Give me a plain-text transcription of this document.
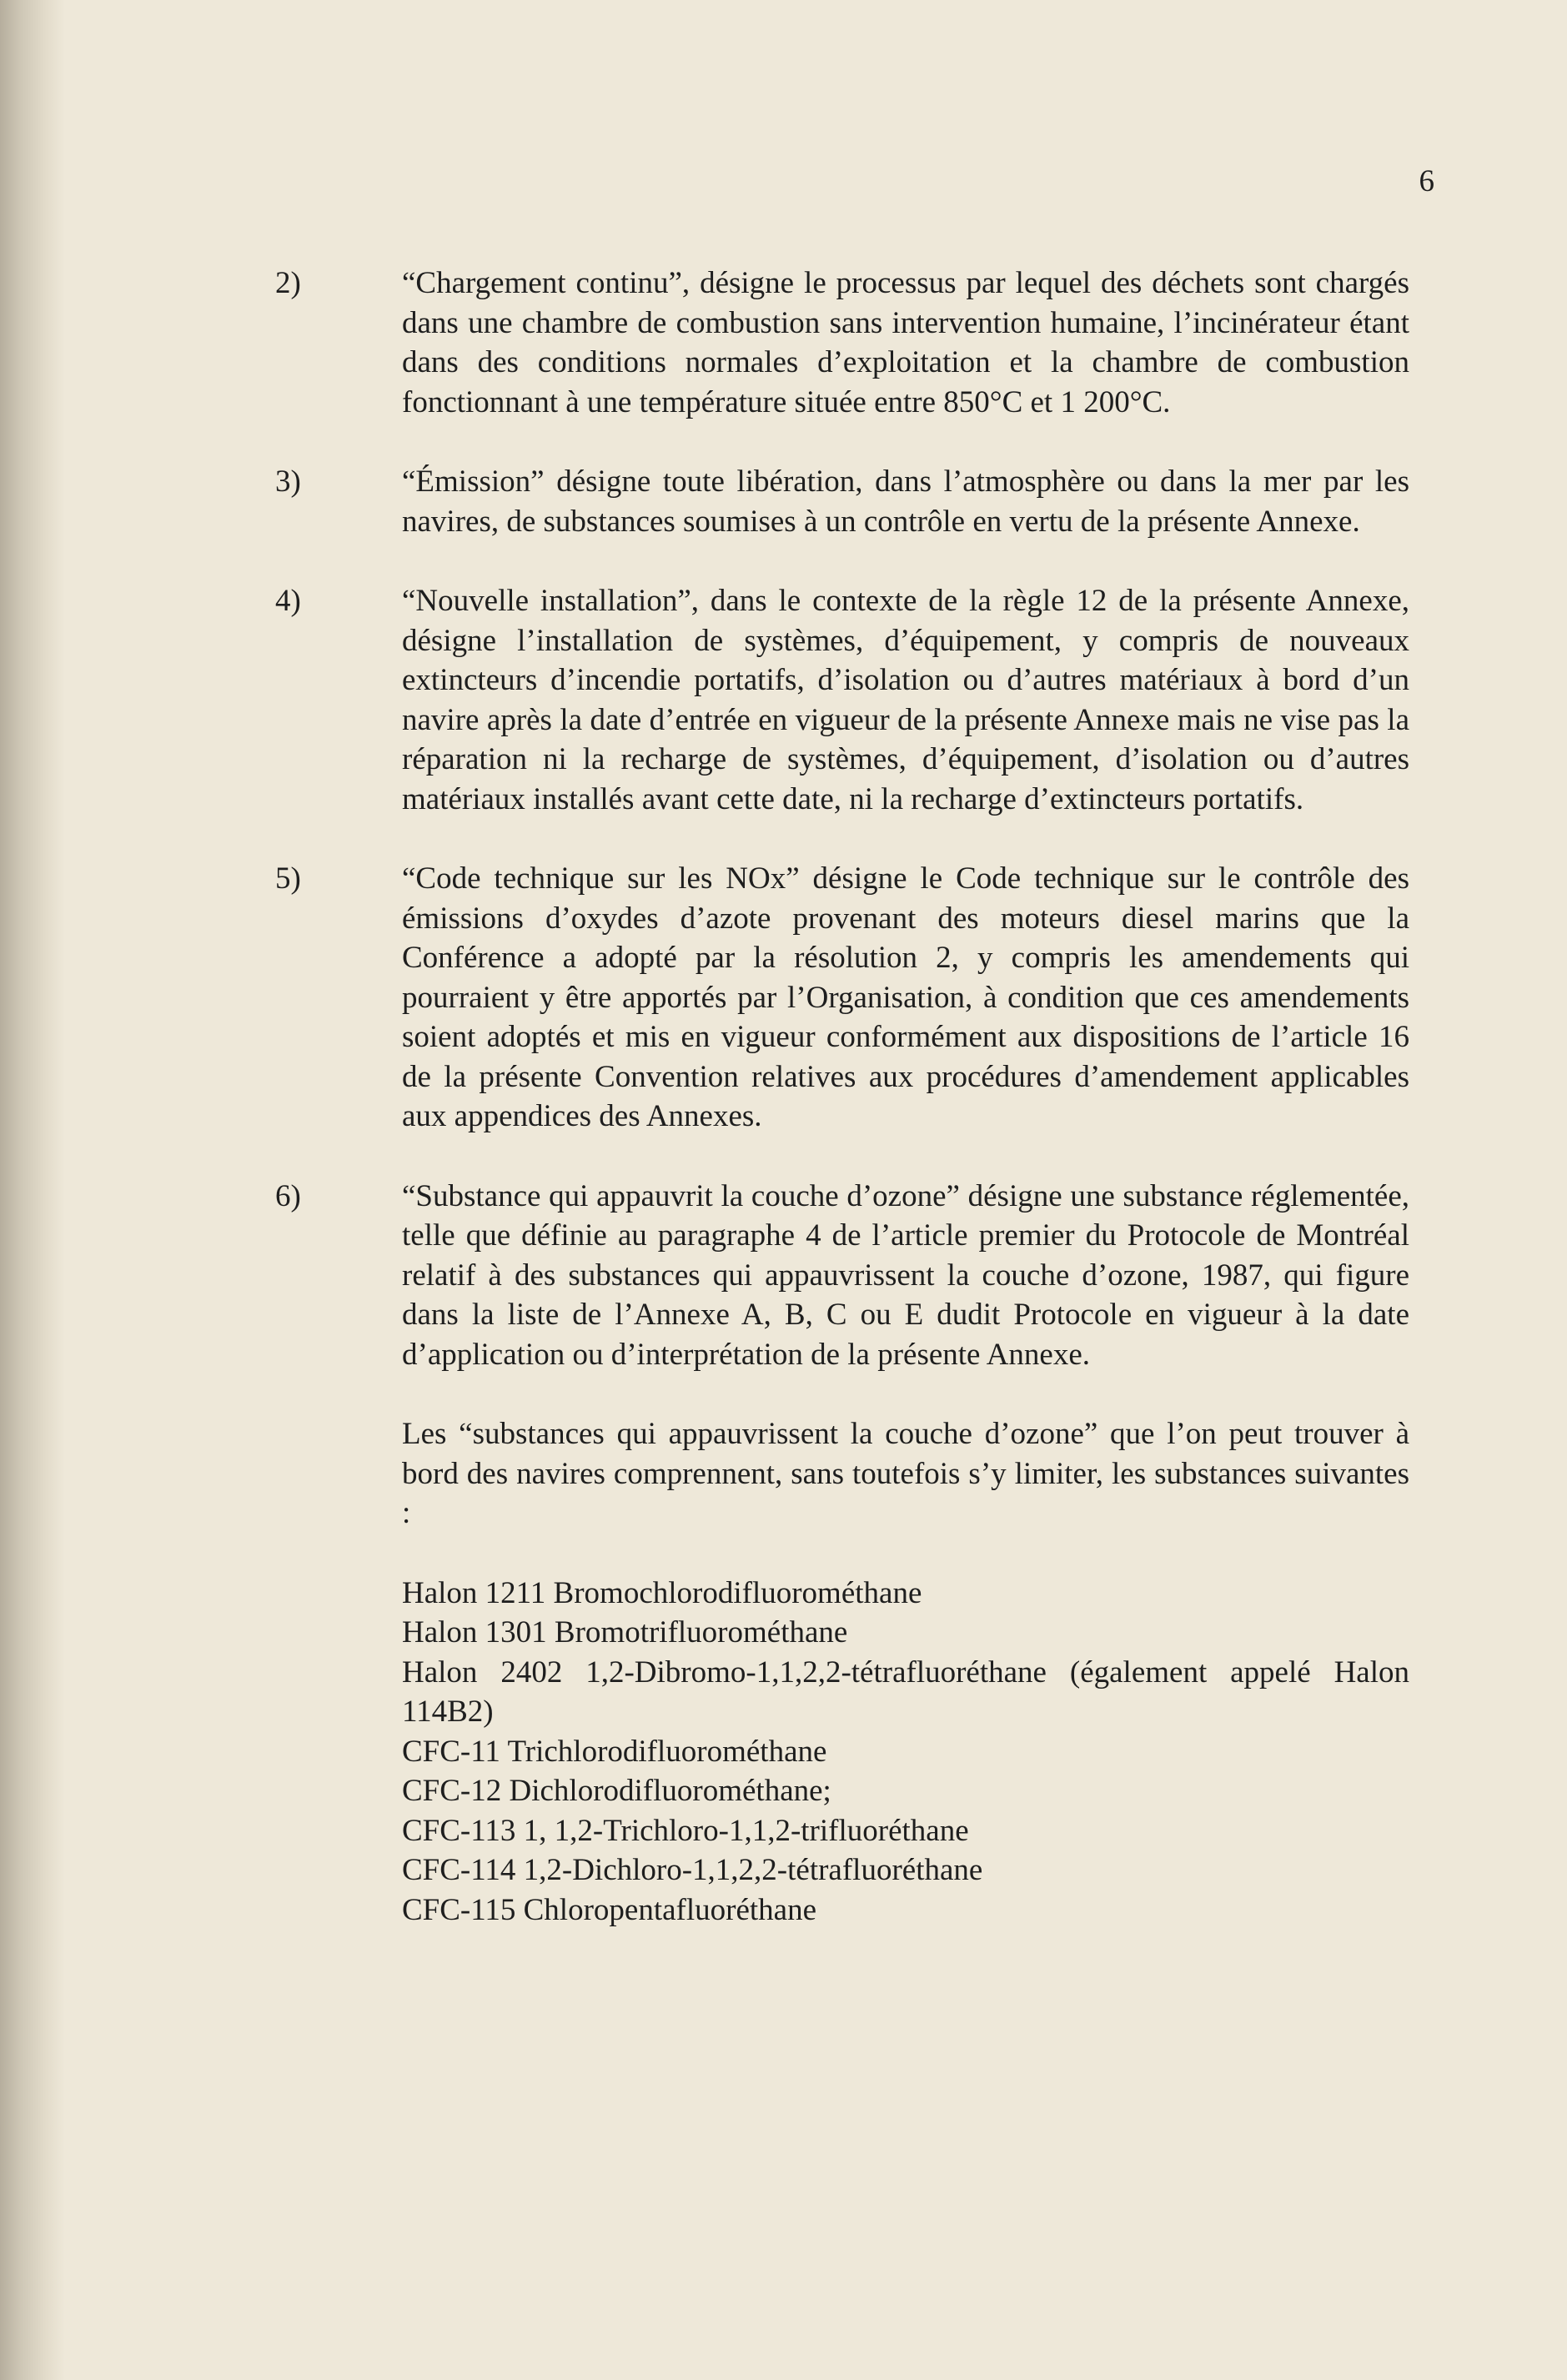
6
2)	“Chargement continu”, désigne le processus par lequel des déchets sont chargés dans une chambre de combustion sans intervention humaine, l’incinérateur étant dans des conditions normales d’exploitation et la chambre de combustion fonctionnant à une température située entre 850°C et 1 200°C.

3)	“Émission” désigne toute libération, dans l’atmosphère ou dans la mer par les navires, de substances soumises à un contrôle en vertu de la présente Annexe.

4)	“Nouvelle installation”, dans le contexte de la règle 12 de la présente Annexe, désigne l’installation de systèmes, d’équipement, y compris de nouveaux extincteurs d’incendie portatifs, d’isolation ou d’autres matériaux à bord d’un navire après la date d’entrée en vigueur de la présente Annexe mais ne vise pas la réparation ni la recharge de systèmes, d’équipement, d’isolation ou d’autres matériaux installés avant cette date, ni la recharge d’extincteurs portatifs.

5)	“Code technique sur les NOx” désigne le Code technique sur le contrôle des émissions d’oxydes d’azote provenant des moteurs diesel marins que la Conférence a adopté par la résolution 2, y compris les amendements qui pourraient y être apportés par l’Organisation, à condition que ces amendements soient adoptés et mis en vigueur conformément aux dispositions de l’article 16 de la présente Convention relatives aux procédures d’amendement applicables aux appendices des Annexes.

6)	“Substance qui appauvrit la couche d’ozone” désigne une substance réglementée, telle que définie au paragraphe 4 de l’article premier du Protocole de Montréal relatif à des substances qui appauvrissent la couche d’ozone, 1987, qui figure dans la liste de l’Annexe A, B, C ou E dudit Protocole en vigueur à la date d’application ou d’interprétation de la présente Annexe.

Les “substances qui appauvrissent la couche d’ozone” que l’on peut trouver à bord des navires comprennent, sans toutefois s’y limiter, les substances suivantes :

Halon 1211 Bromochlorodifluorométhane
Halon 1301 Bromotrifluorométhane
Halon 2402 1,2-Dibromo-1,1,2,2-tétrafluoréthane (également appelé Halon 114B2)
CFC-11 Trichlorodifluorométhane
CFC-12 Dichlorodifluorométhane;
CFC-113 1, 1,2-Trichloro-1,1,2-trifluoréthane
CFC-114 1,2-Dichloro-1,1,2,2-tétrafluoréthane
CFC-115 Chloropentafluoréthane
